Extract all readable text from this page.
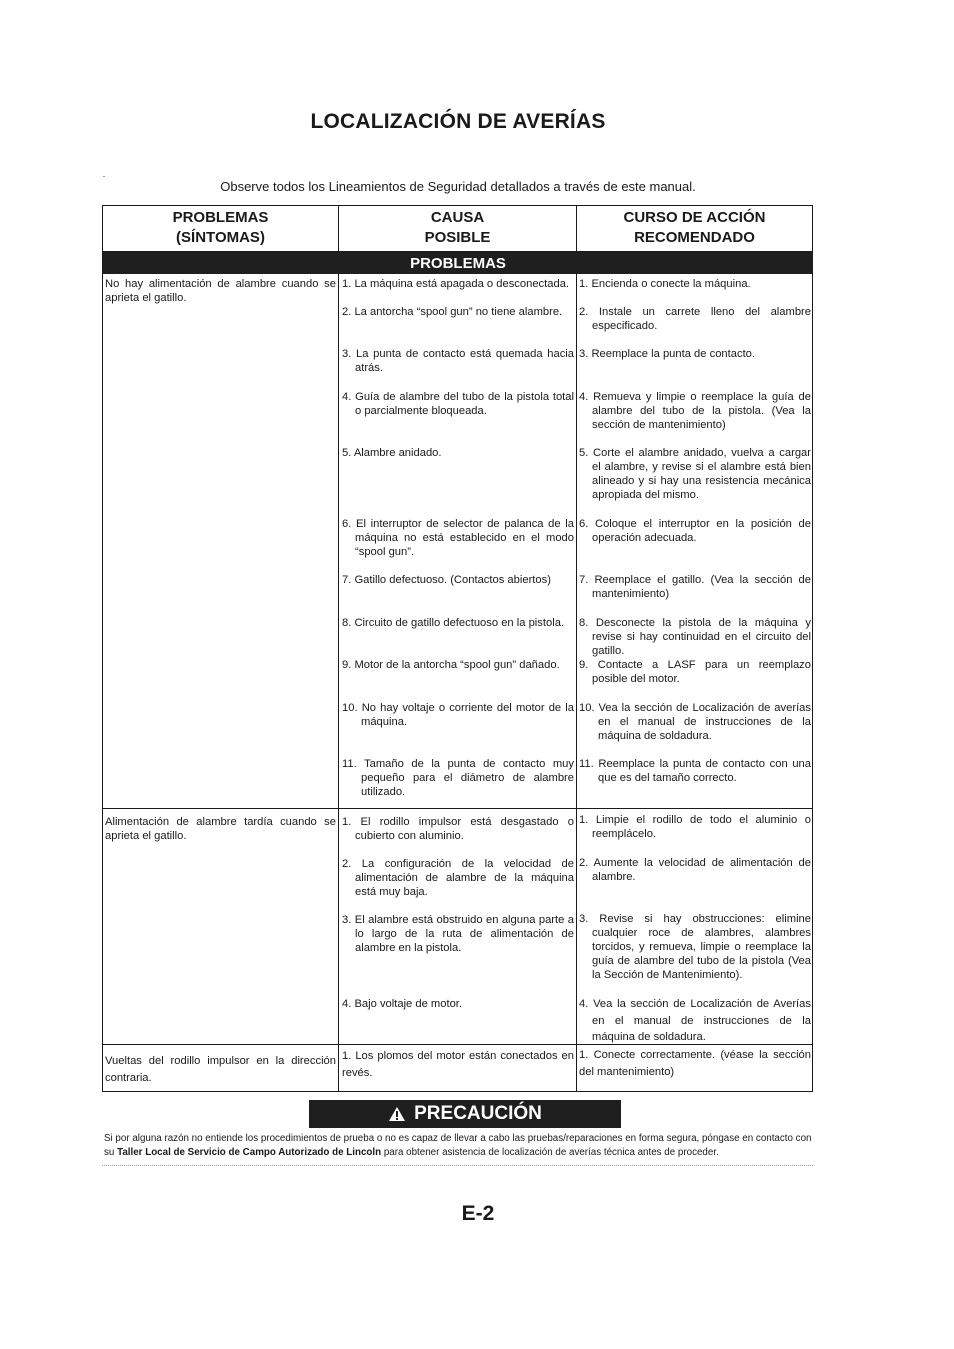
LOCALIZACIÓN DE AVERÍAS
Observe todos los Lineamientos de Seguridad detallados a través de este manual.
PROBLEMAS
(SÍNTOMAS)
CAUSA
POSIBLE
CURSO DE ACCIÓN
RECOMENDADO
PROBLEMAS
No hay alimentación de alambre cuando se aprieta el gatillo.
1. La máquina está apagada o desconectada.
2. La antorcha “spool gun” no tiene alambre.
3. La punta de contacto está quemada hacia atrás.
4. Guía de alambre del tubo de la pistola total o parcialmente bloqueada.
5. Alambre anidado.
6. El interruptor de selector de palanca de la máquina no está establecido en el modo “spool gun”.
7. Gatillo defectuoso. (Contactos abiertos)
8. Circuito de gatillo defectuoso en la pistola.
9. Motor de la antorcha “spool gun” dañado.
10. No hay voltaje o corriente del motor de la máquina.
11. Tamaño de la punta de contacto muy pequeño para el diámetro de alambre utilizado.
1. Encienda o conecte la máquina.
2. Instale un carrete lleno del alambre especificado.
3. Reemplace la punta de contacto.
4. Remueva y limpie o reemplace la guía de alambre del tubo de la pistola. (Vea la sección de mantenimiento)
5. Corte el alambre anidado, vuelva a cargar el alambre, y revise si el alambre está bien alineado y si hay una resistencia mecánica apropiada del mismo.
6. Coloque el interruptor en la posición de operación adecuada.
7. Reemplace el gatillo. (Vea la sección de mantenimiento)
8. Desconecte la pistola de la máquina y revise si hay continuidad en el circuito del gatillo.
9. Contacte a LASF para un reemplazo posible del motor.
10. Vea la sección de Localización de averías en el manual de instrucciones de la máquina de soldadura.
11. Reemplace la punta de contacto con una que es del tamaño correcto.
Alimentación de alambre tardía cuando se aprieta el gatillo.
1. El rodillo impulsor está desgastado o cubierto con aluminio.
2. La configuración de la velocidad de alimentación de alambre de la máquina está muy baja.
3. El alambre está obstruido en alguna parte a lo largo de la ruta de alimentación de alambre en la pistola.
4. Bajo voltaje de motor.
1. Limpie el rodillo de todo el aluminio o reemplácelo.
2. Aumente la velocidad de alimentación de alambre.
3. Revise si hay obstrucciones: elimine cualquier roce de alambres, alambres torcidos, y remueva, limpie o reemplace la guía de alambre del tubo de la pistola (Vea la Sección de Mantenimiento).
4. Vea la sección de Localización de Averías en el manual de instrucciones de la máquina de soldadura.
Vueltas del rodillo impulsor en la dirección contraria.
1. Los plomos del motor están conectados en revés.
1. Conecte correctamente. (véase la sección del mantenimiento)
PRECAUCIÓN
Si por alguna razón no entiende los procedimientos de prueba o no es capaz de llevar a cabo las pruebas/reparaciones en forma segura, póngase en contacto con su Taller Local de Servicio de Campo Autorizado de Lincoln para obtener asistencia de localización de averías técnica antes de proceder.
E-2
